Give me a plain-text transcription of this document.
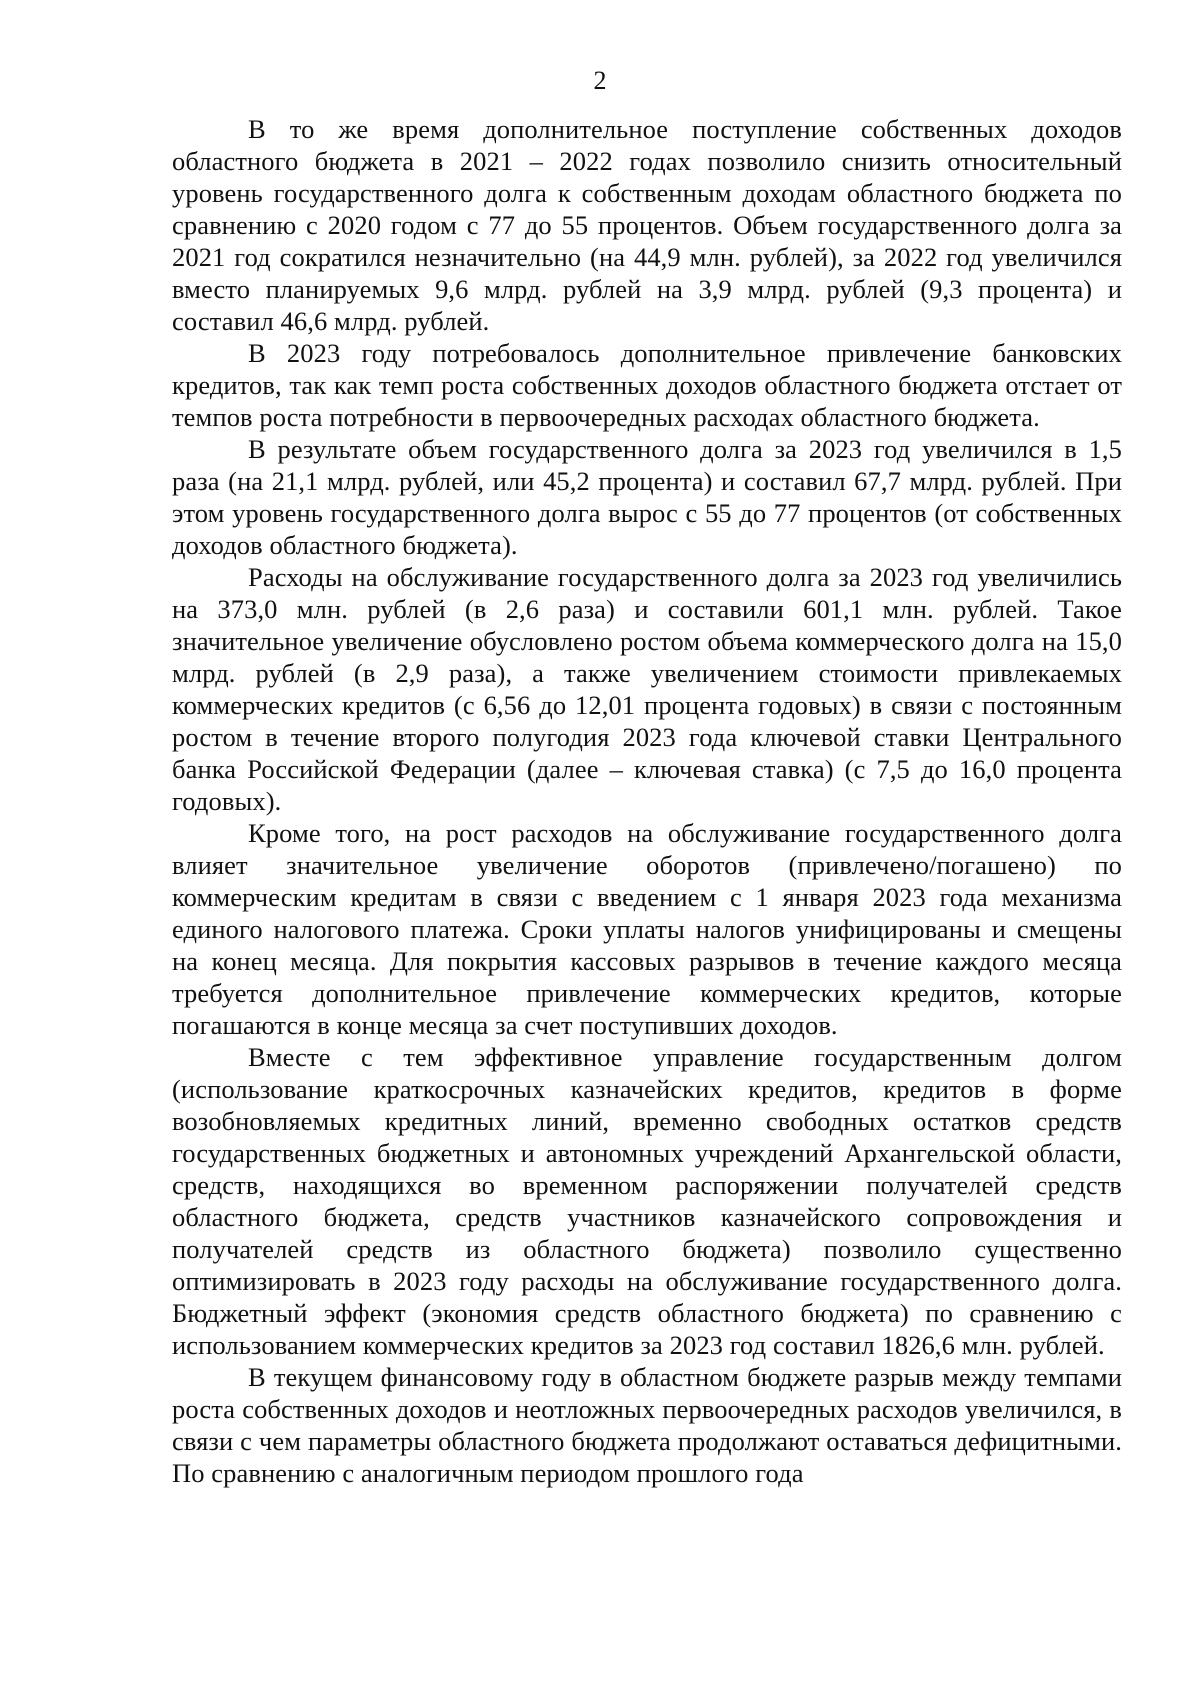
2

В то же время дополнительное поступление собственных доходов областного бюджета в 2021 – 2022 годах позволило снизить относительный уровень государственного долга к собственным доходам областного бюджета по сравнению с 2020 годом с 77 до 55 процентов. Объем государственного долга за 2021 год сократился незначительно (на 44,9 млн. рублей), за 2022 год увеличился вместо планируемых 9,6 млрд. рублей на 3,9 млрд. рублей (9,3 процента) и составил 46,6 млрд. рублей.

В 2023 году потребовалось дополнительное привлечение банковских кредитов, так как темп роста собственных доходов областного бюджета отстает от темпов роста потребности в первоочередных расходах областного бюджета.

В результате объем государственного долга за 2023 год увеличился в 1,5 раза (на 21,1 млрд. рублей, или 45,2 процента) и составил 67,7 млрд. рублей. При этом уровень государственного долга вырос с 55 до 77 процентов (от собственных доходов областного бюджета).

Расходы на обслуживание государственного долга за 2023 год увеличились на 373,0 млн. рублей (в 2,6 раза) и составили 601,1 млн. рублей. Такое значительное увеличение обусловлено ростом объема коммерческого долга на 15,0 млрд. рублей (в 2,9 раза), а также увеличением стоимости привлекаемых коммерческих кредитов (с 6,56 до 12,01 процента годовых) в связи с постоянным ростом в течение второго полугодия 2023 года ключевой ставки Центрального банка Российской Федерации (далее – ключевая ставка) (с 7,5 до 16,0 процента годовых).

Кроме того, на рост расходов на обслуживание государственного долга влияет значительное увеличение оборотов (привлечено/погашено) по коммерческим кредитам в связи с введением с 1 января 2023 года механизма единого налогового платежа. Сроки уплаты налогов унифицированы и смещены на конец месяца. Для покрытия кассовых разрывов в течение каждого месяца требуется дополнительное привлечение коммерческих кредитов, которые погашаются в конце месяца за счет поступивших доходов.

Вместе с тем эффективное управление государственным долгом (использование краткосрочных казначейских кредитов, кредитов в форме возобновляемых кредитных линий, временно свободных остатков средств государственных бюджетных и автономных учреждений Архангельской области, средств, находящихся во временном распоряжении получателей средств областного бюджета, средств участников казначейского сопровождения и получателей средств из областного бюджета) позволило существенно оптимизировать в 2023 году расходы на обслуживание государственного долга. Бюджетный эффект (экономия средств областного бюджета) по сравнению с использованием коммерческих кредитов за 2023 год составил 1826,6 млн. рублей.

В текущем финансовому году в областном бюджете разрыв между темпами роста собственных доходов и неотложных первоочередных расходов увеличился, в связи с чем параметры областного бюджета продолжают оставаться дефицитными. По сравнению с аналогичным периодом прошлого года
